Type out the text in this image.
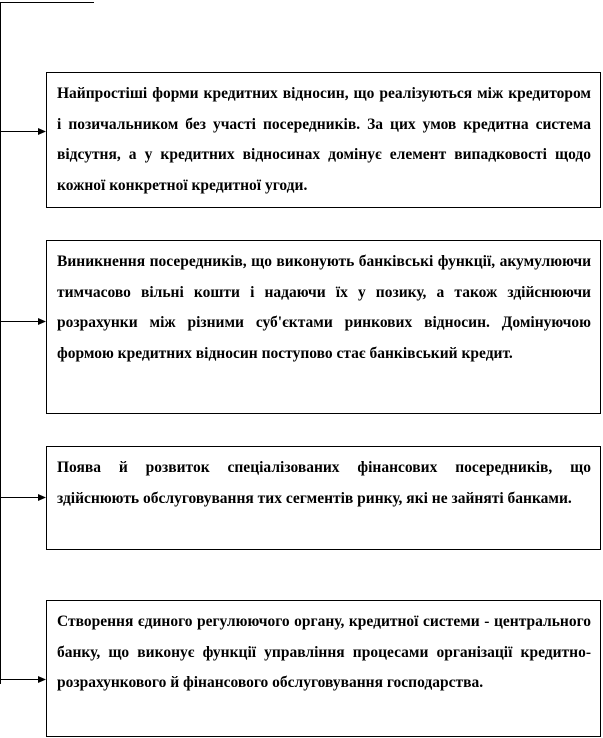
Найпростіші форми кредитних відносин, що реалізуються між кредитором і позичальником без участі посередників. За цих умов кредитна система відсутня, а у кредитних відносинах домінує елемент випадковості щодо кожної конкретної кредитної угоди.

Виникнення посередників, що виконують банківські функції, акумулюючи тимчасово вільні кошти і надаючи їх у позику, а також здійснюючи розрахунки між різними суб'єктами ринкових відносин. Домінуючою формою кредитних відносин поступово стає банківський кредит.

Поява й розвиток спеціалізованих фінансових посередників, що здійснюють обслуговування тих сегментів ринку, які не зайняті банками.

Створення єдиного регулюючого органу, кредитної системи - центрального банку, що виконує функції управління процесами організації кредитно-розрахункового й фінансового обслуговування господарства.
